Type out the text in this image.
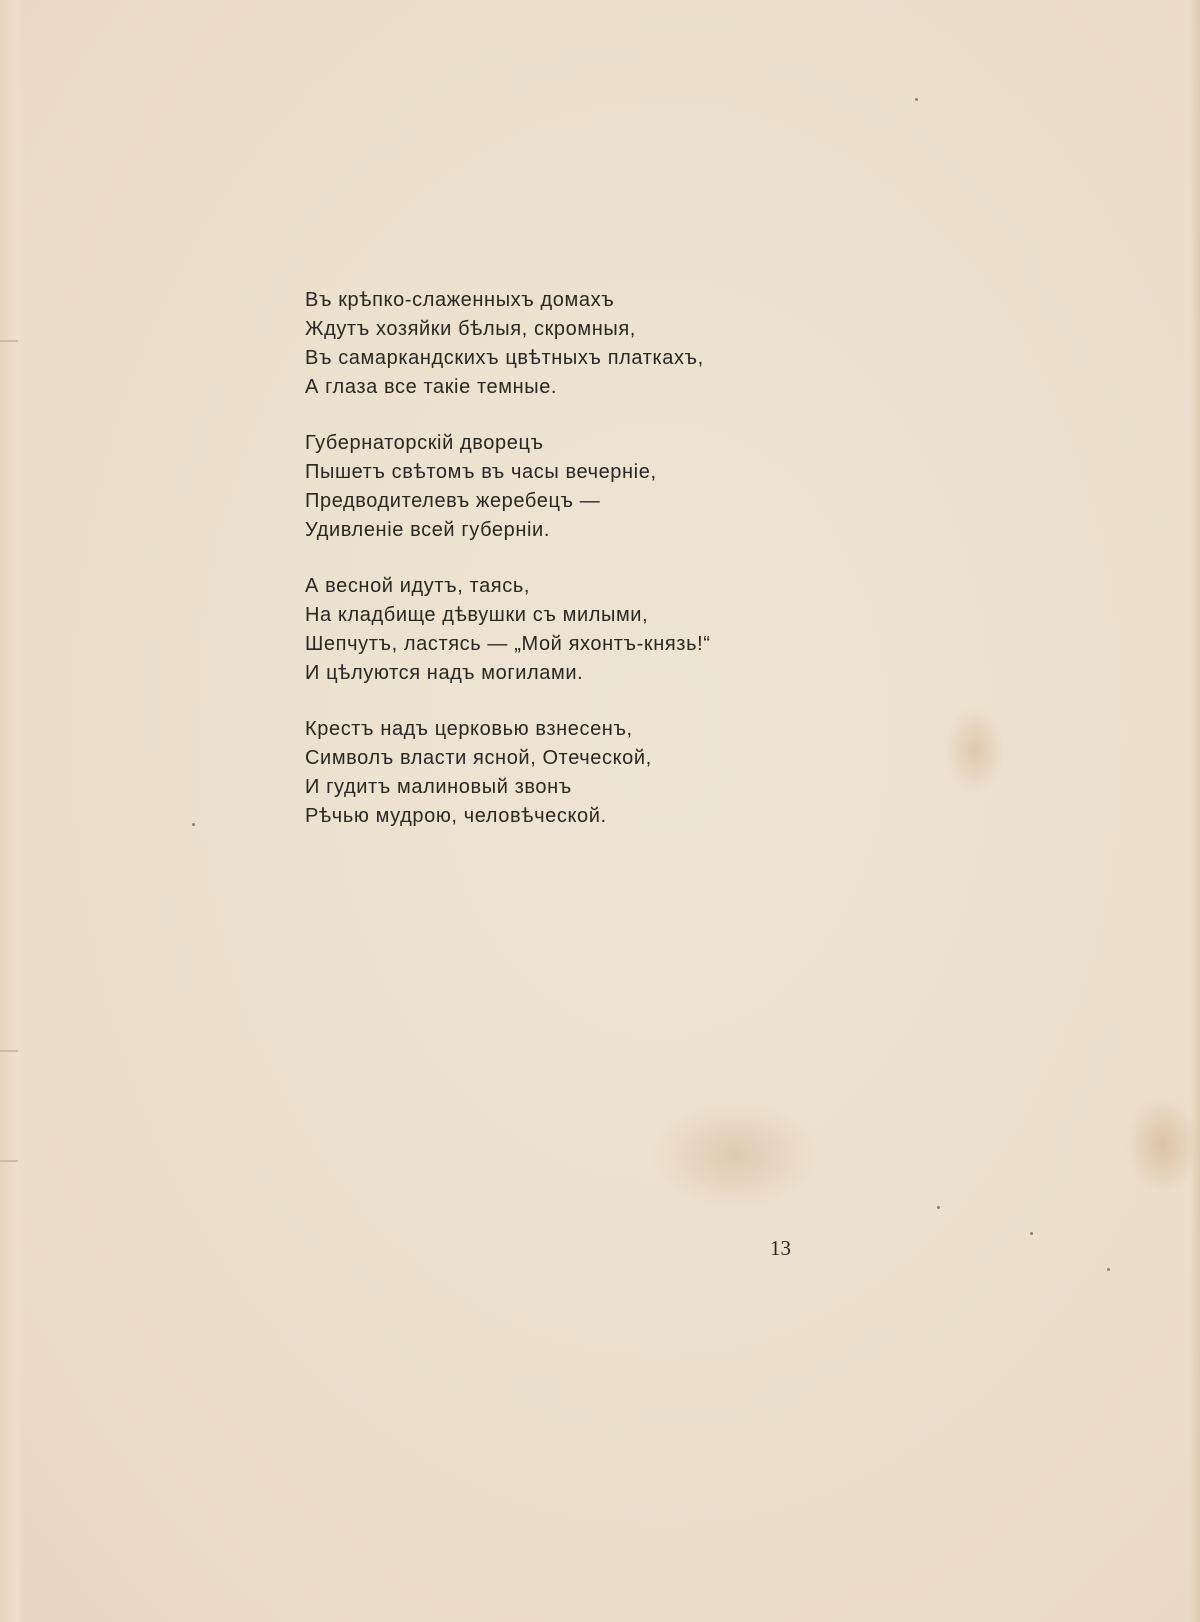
Въ крѣпко-слаженныхъ домахъ
Ждутъ хозяйки бѣлыя, скромныя,
Въ самаркандскихъ цвѣтныхъ платкахъ,
А глаза все такіе темные.
Губернаторскій дворецъ
Пышетъ свѣтомъ въ часы вечерніе,
Предводителевъ жеребецъ —
Удивленіе всей губерніи.
А весной идутъ, таясь,
На кладбище дѣвушки съ милыми,
Шепчутъ, ластясь — „Мой яхонтъ-князь!“
И цѣлуются надъ могилами.
Крестъ надъ церковью взнесенъ,
Символъ власти ясной, Отеческой,
И гудитъ малиновый звонъ
Рѣчью мудрою, человѣческой.
13
